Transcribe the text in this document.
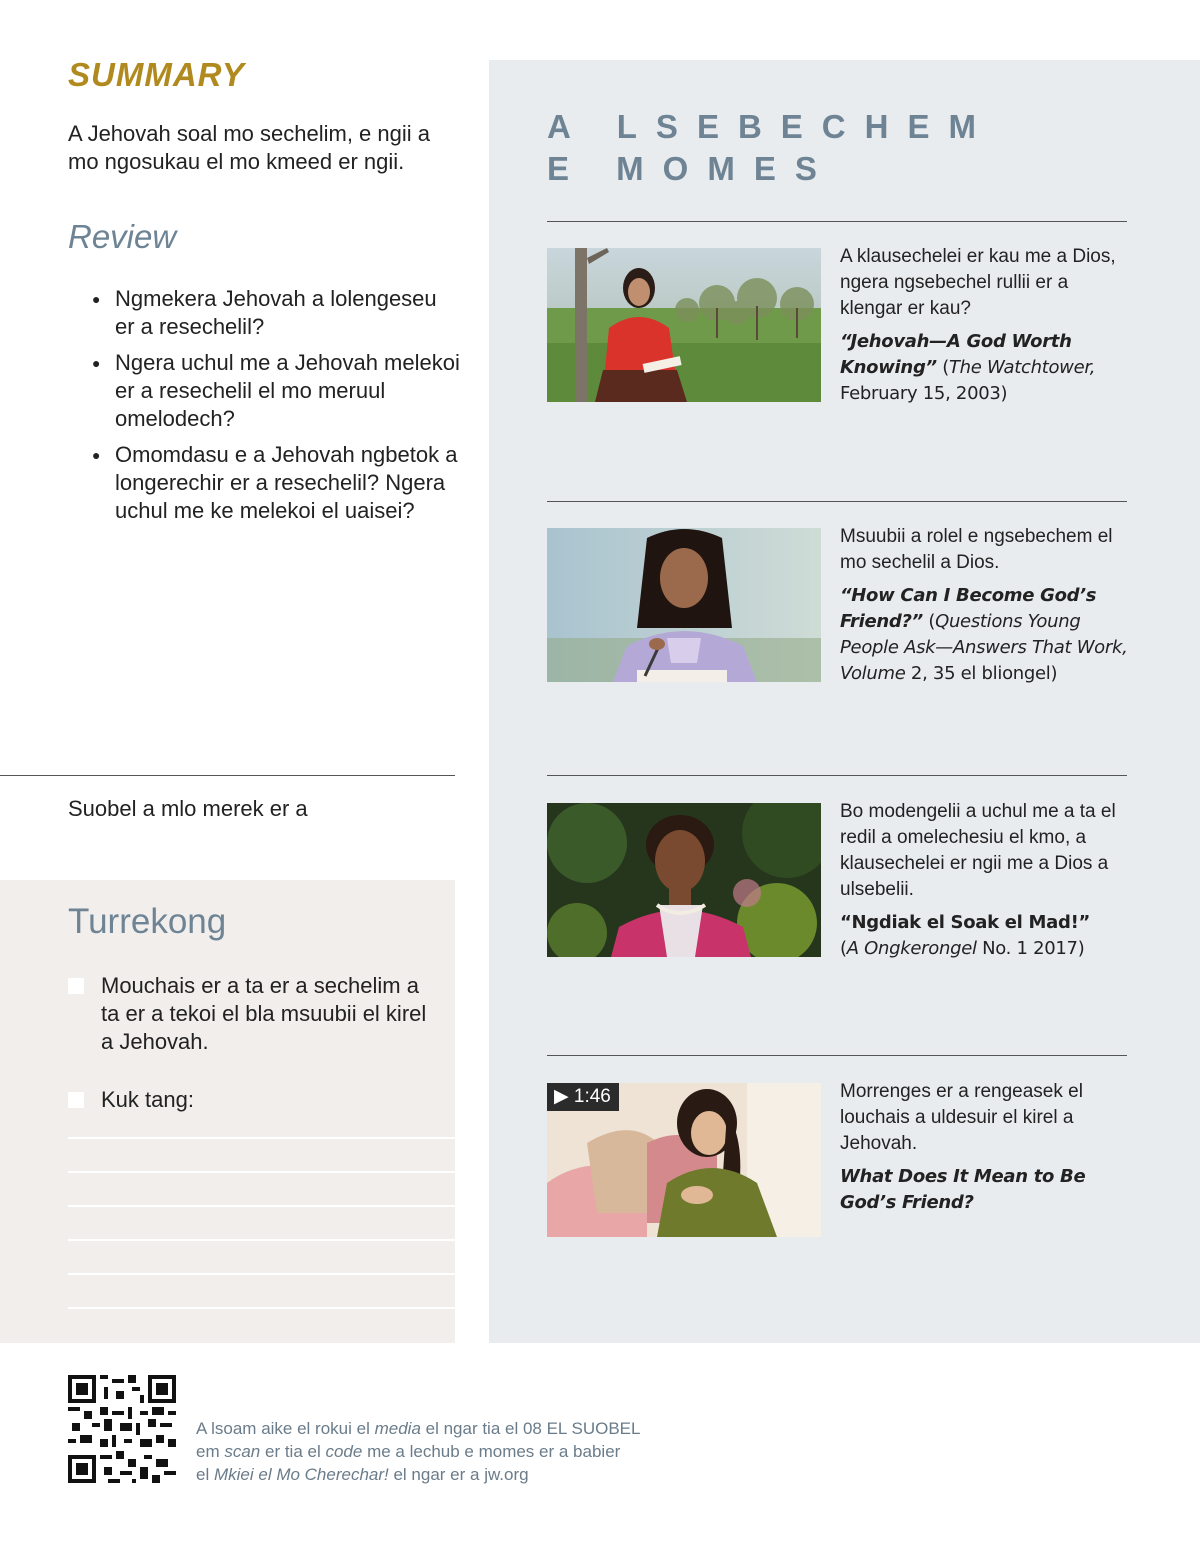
SUMMARY
A Jehovah soal mo sechelim, e ngii a mo ngosukau el mo kmeed er ngii.
Review
● Ngmekera Jehovah a lolengeseu er a resechelil?
● Ngera uchul me a Jehovah melekoi er a resechelil el mo meruul omelodech?
● Omomdasu e a Jehovah ngbetok a longerechir er a resechelil? Ngera uchul me ke melekoi el uaisei?
Suobel a mlo merek er a
Turrekong
Mouchais er a ta er a sechelim a ta er a tekoi el bla msuubii el kirel a Jehovah.
Kuk tang:
A LSEBECHEM
E MOMES
A klausechelei er kau me a Dios, ngera ngsebechel rullii er a klengar er kau?
“Jehovah—A God Worth Knowing” (The Watchtower, February 15, 2003)
Msuubii a rolel e ngsebechem el mo sechelil a Dios.
“How Can I Become God’s Friend?” (Questions Young People Ask—Answers That Work, Volume 2, 35 el bliongel)
Bo modengelii a uchul me a ta el redil a omelechesiu el kmo, a klausechelei er ngii me a Dios a ulsebelii.
“Ngdiak el Soak el Mad!”
(A Ongkerongel No. 1 2017)
▶ 1:46	Morrenges er a rengeasek el louchais a uldesuir el kirel a Jehovah.
What Does It Mean to Be God’s Friend?
A lsoam aike el rokui el media el ngar tia el 08 EL SUOBEL
em scan er tia el code me a lechub e momes er a babier
el Mkiei el Mo Cherechar! el ngar er a jw.org
